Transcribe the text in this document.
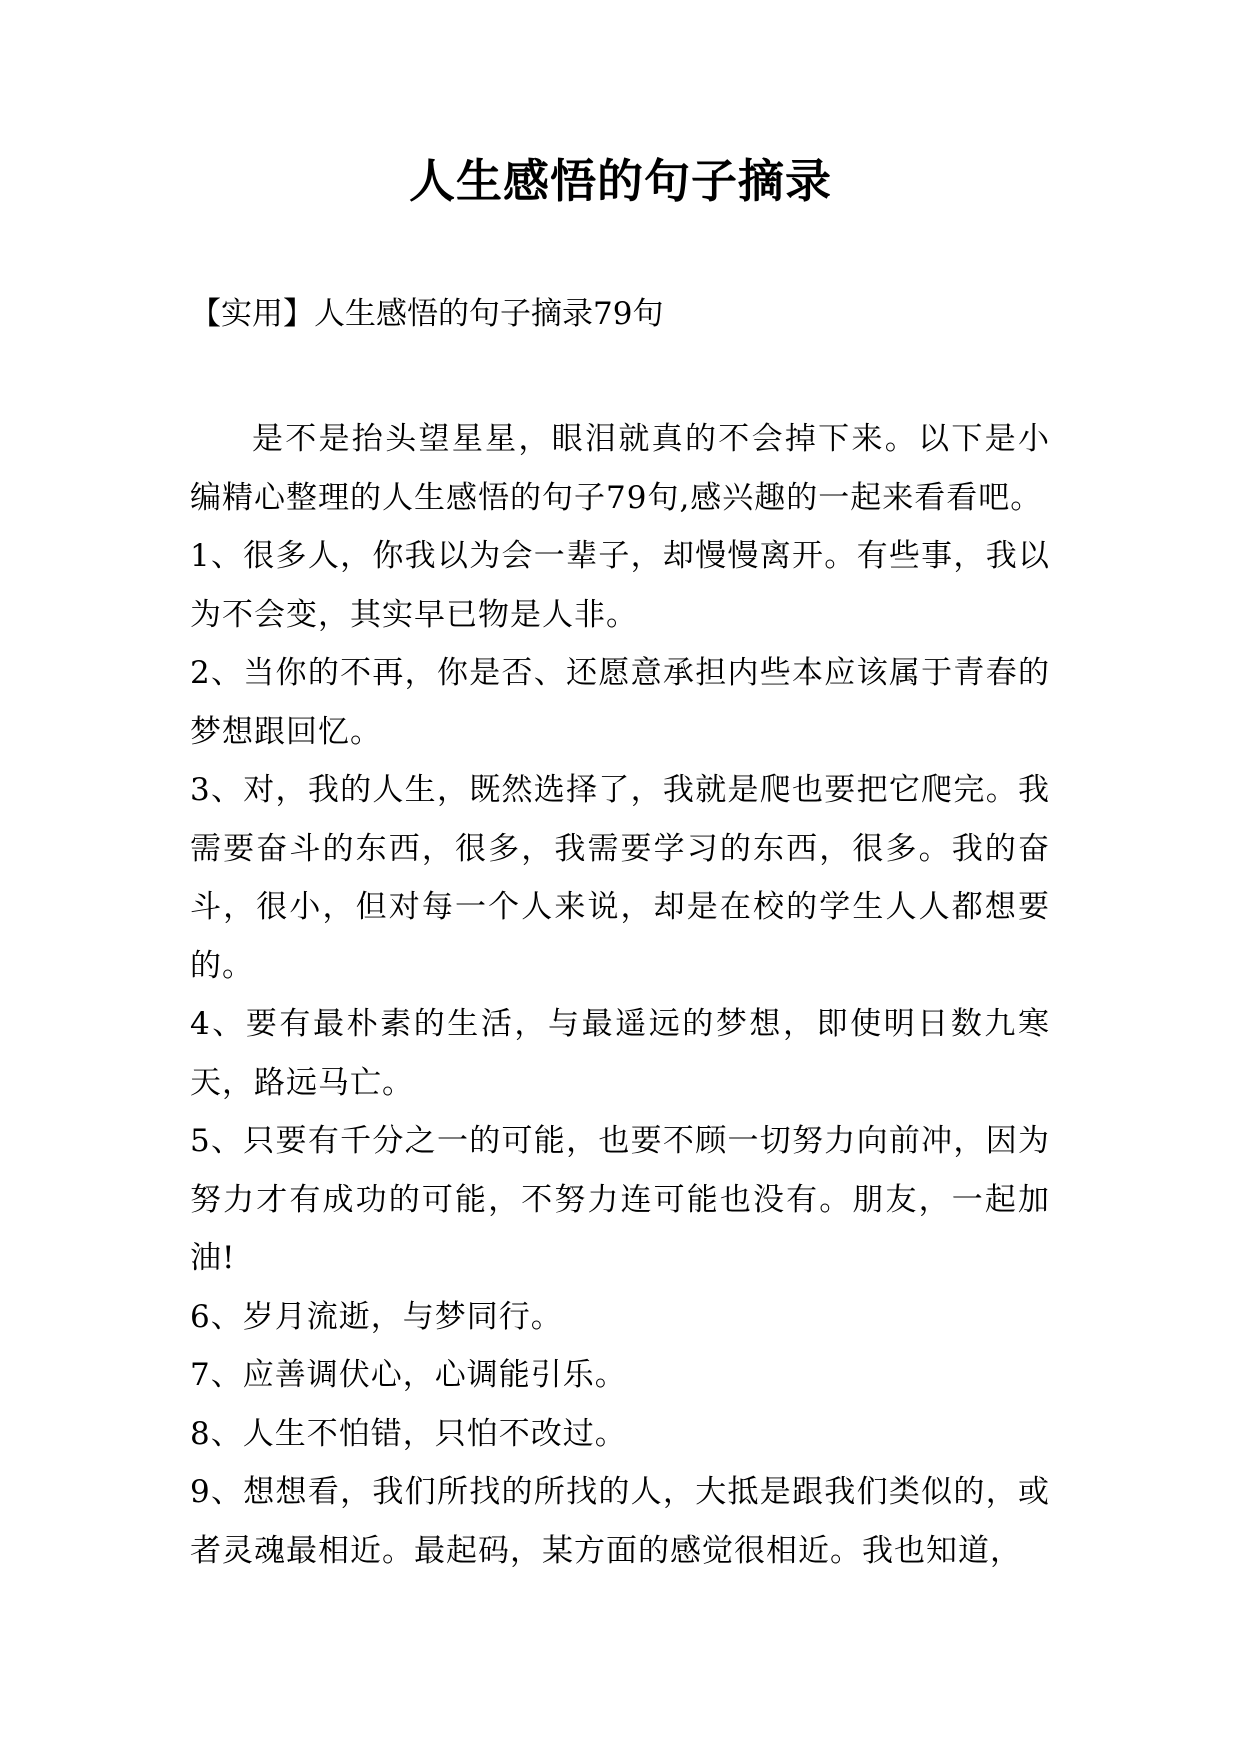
人生感悟的句子摘录

【实用】人生感悟的句子摘录79句

是不是抬头望星星，眼泪就真的不会掉下来。以下是小编精心整理的人生感悟的句子79句,感兴趣的一起来看看吧。

1、很多人，你我以为会一辈子，却慢慢离开。有些事，我以为不会变，其实早已物是人非。

2、当你的不再，你是否、还愿意承担内些本应该属于青春的梦想跟回忆。

3、对，我的人生，既然选择了，我就是爬也要把它爬完。我需要奋斗的东西，很多，我需要学习的东西，很多。我的奋斗，很小，但对每一个人来说，却是在校的学生人人都想要的。

4、要有最朴素的生活，与最遥远的梦想，即使明日数九寒天，路远马亡。

5、只要有千分之一的可能，也要不顾一切努力向前冲，因为努力才有成功的可能，不努力连可能也没有。朋友，一起加油!

6、岁月流逝，与梦同行。

7、应善调伏心，心调能引乐。

8、人生不怕错，只怕不改过。

9、想想看，我们所找的所找的人，大抵是跟我们类似的，或者灵魂最相近。最起码，某方面的感觉很相近。我也知道，
